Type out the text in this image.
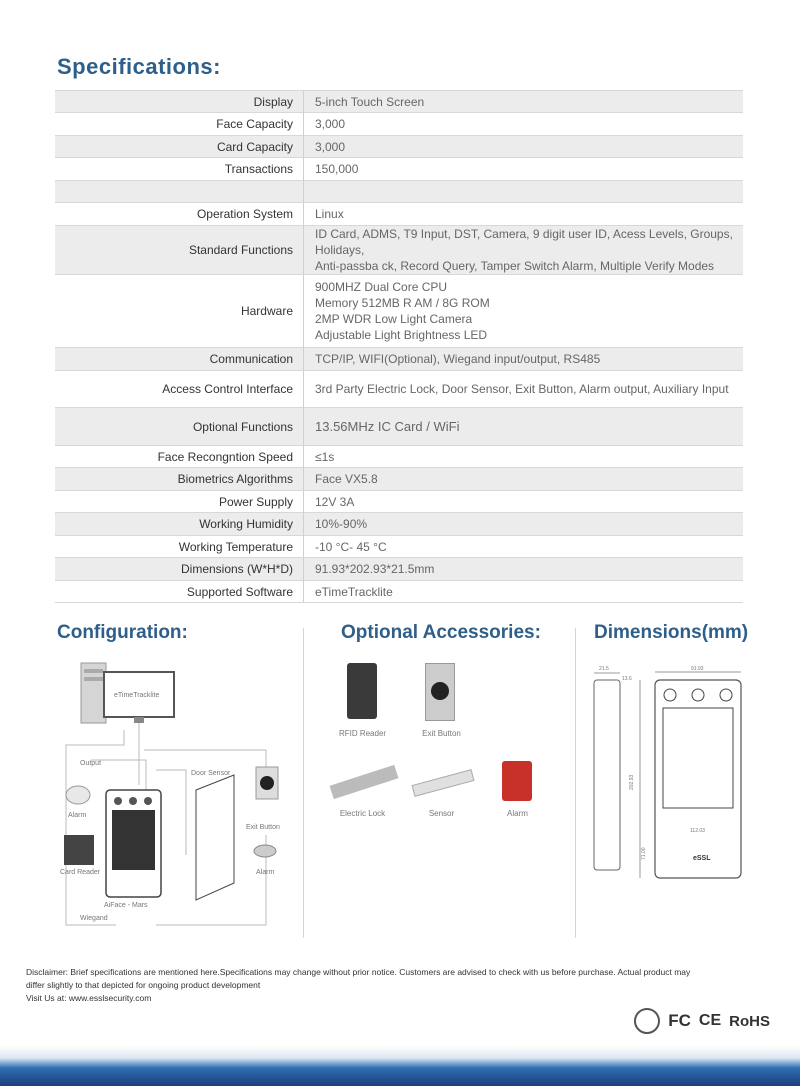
Specifications:
Display	5-inch Touch Screen

Face Capacity	3,000

Card Capacity	3,000

Transactions	150,000

Operation System	Linux

Standard Functions	ID Card, ADMS, T9 Input, DST, Camera, 9 digit user ID, Acess Levels, Groups, Holidays,
Anti-passba ck, Record Query, Tamper Switch Alarm, Multiple Verify Modes

Hardware	900MHZ Dual Core CPU
Memory 512MB R AM / 8G ROM
2MP WDR Low Light Camera
Adjustable Light Brightness LED

Communication	TCP/IP, WIFI(Optional), Wiegand input/output, RS485

Access Control Interface	3rd Party Electric Lock, Door Sensor, Exit Button, Alarm output, Auxiliary Input

Optional Functions	13.56MHz IC Card / WiFi

Face Recongntion Speed	≤1s

Biometrics Algorithms	Face VX5.8

Power Supply	12V 3A

Working Humidity	10%-90%

Working Temperature	-10 °C- 45 °C

Dimensions (W*H*D)	91.93*202.93*21.5mm

Supported Software	eTimeTracklite
Configuration:	Optional Accessories:	Dimensions(mm)
eTimeTracklite
Output
Door Sensor
Wiegand
Alarm
Card Reader
AiFace - Mars
Exit Button
Alarm
RFID Reader	Exit Button
Electric Lock	Sensor	Alarm
21.5
13.6
91.93
202.93
112.03
71.00	eSSL
Disclaimer: Brief specifications are mentioned here.Specifications may change without prior notice. Customers are advised to check with us before purchase. Actual product may
differ slightly to that depicted for ongoing product development
Visit Us at: www.esslsecurity.com
FC CE RoHS
